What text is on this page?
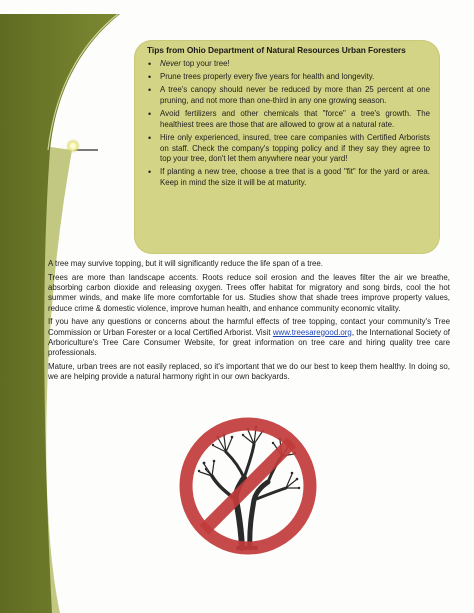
Tips from Ohio Department of Natural Resources Urban Foresters
• Never top your tree!
• Prune trees properly every five years for health and longevity.
• A tree's canopy should never be reduced by more than 25 percent at one pruning, and not more than one-third in any one growing season.
• Avoid fertilizers and other chemicals that "force" a tree's growth. The healthiest trees are those that are allowed to grow at a natural rate.
• Hire only experienced, insured, tree care companies with Certified Arborists on staff. Check the company's topping policy and if they say they agree to top your tree, don't let them anywhere near your yard!
• If planting a new tree, choose a tree that is a good "fit" for the yard or area. Keep in mind the size it will be at maturity.

A tree may survive topping, but it will significantly reduce the life span of a tree.

Trees are more than landscape accents. Roots reduce soil erosion and the leaves filter the air we breathe, absorbing carbon dioxide and releasing oxygen. Trees offer habitat for migratory and song birds, cool the hot summer winds, and make life more comfortable for us. Studies show that shade trees improve property values, reduce crime & domestic violence, improve human health, and enhance community economic vitality.

If you have any questions or concerns about the harmful effects of tree topping, contact your community's Tree Commission or Urban Forester or a local Certified Arborist. Visit www.treesaregood.org, the International Society of Arboriculture's Tree Care Consumer Website, for great information on tree care and hiring quality tree care professionals.

Mature, urban trees are not easily replaced, so it's important that we do our best to keep them healthy. In doing so, we are helping provide a natural harmony right in our own backyards.
